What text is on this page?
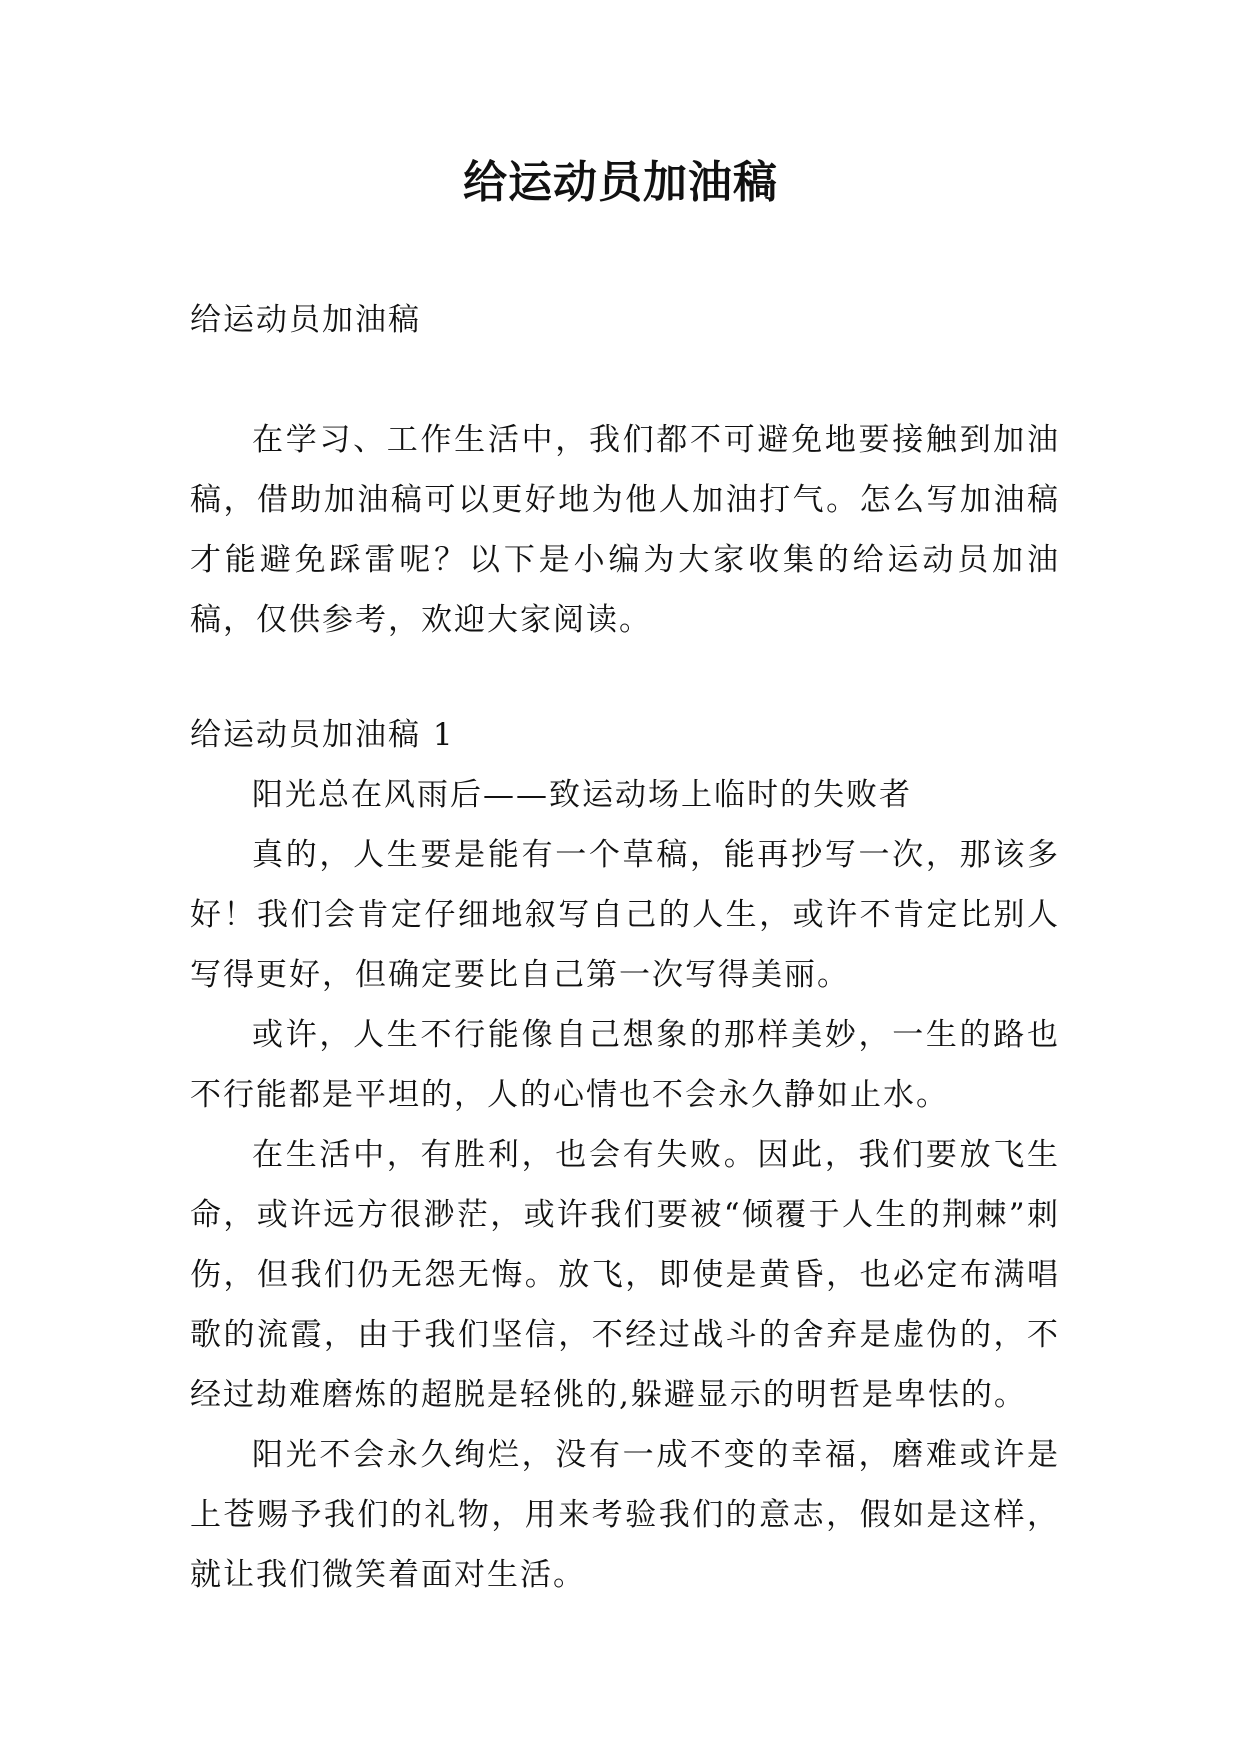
给运动员加油稿

给运动员加油稿

在学习、工作生活中，我们都不可避免地要接触到加油稿，借助加油稿可以更好地为他人加油打气。怎么写加油稿才能避免踩雷呢？以下是小编为大家收集的给运动员加油稿，仅供参考，欢迎大家阅读。

给运动员加油稿 1

阳光总在风雨后——致运动场上临时的失败者

真的，人生要是能有一个草稿，能再抄写一次，那该多好！我们会肯定仔细地叙写自己的人生，或许不肯定比别人写得更好，但确定要比自己第一次写得美丽。

或许，人生不行能像自己想象的那样美妙，一生的路也不行能都是平坦的，人的心情也不会永久静如止水。

在生活中，有胜利，也会有失败。因此，我们要放飞生命，或许远方很渺茫，或许我们要被“倾覆于人生的荆棘”刺伤，但我们仍无怨无悔。放飞，即使是黄昏，也必定布满唱歌的流霞，由于我们坚信，不经过战斗的舍弃是虚伪的，不经过劫难磨炼的超脱是轻佻的,躲避显示的明哲是卑怯的。

阳光不会永久绚烂，没有一成不变的幸福，磨难或许是上苍赐予我们的礼物，用来考验我们的意志，假如是这样，就让我们微笑着面对生活。
